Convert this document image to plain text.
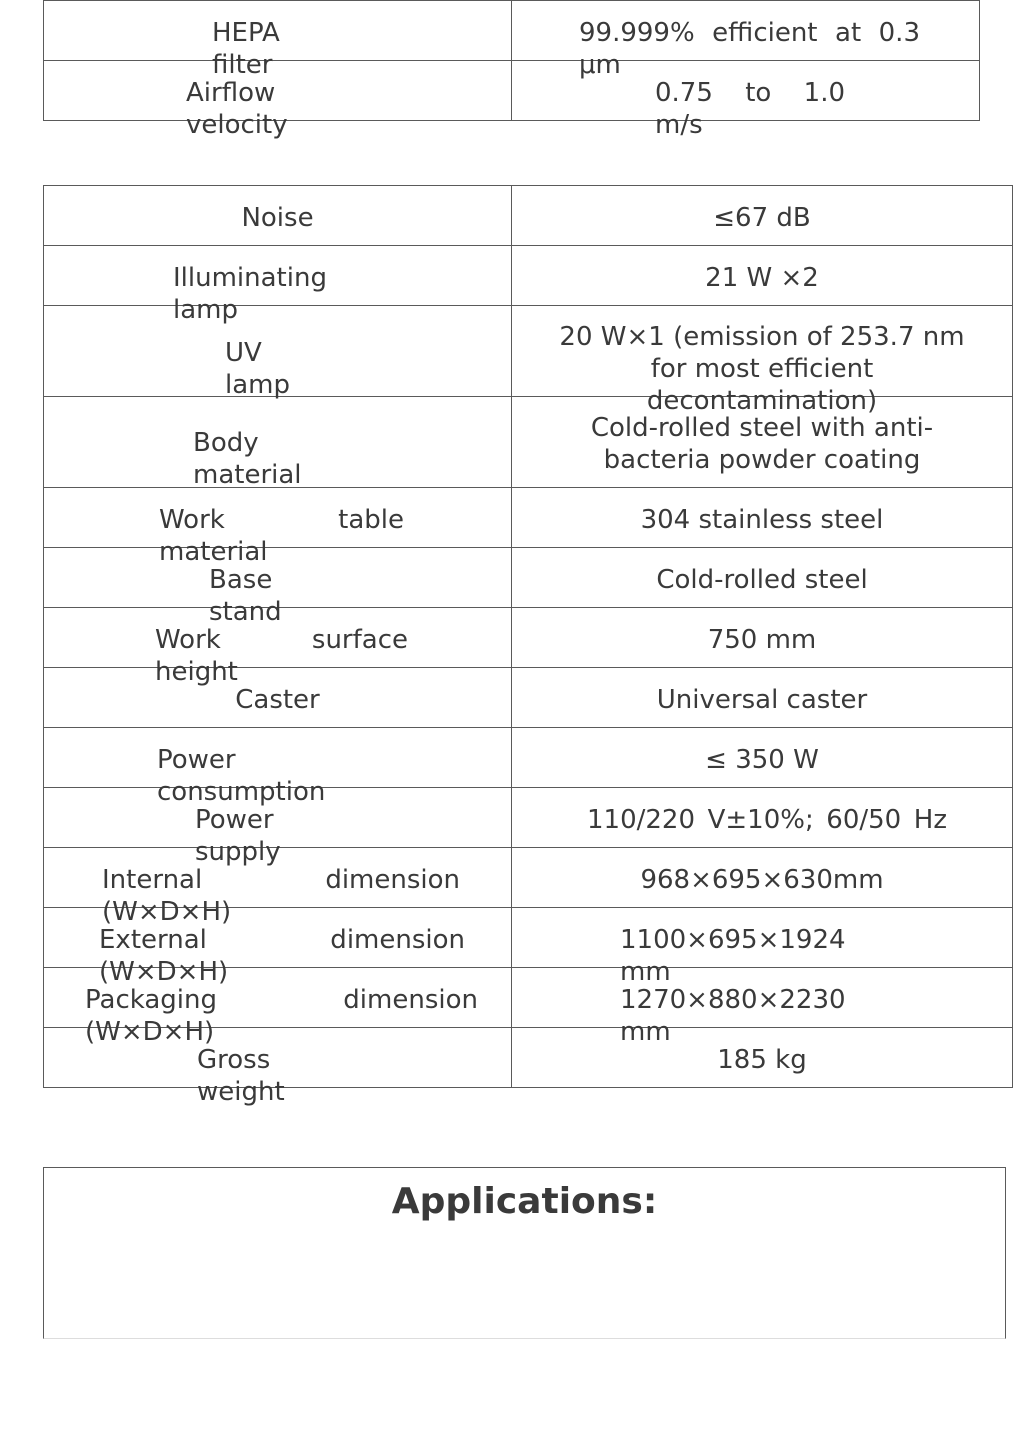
HEPA filter	99.999% efficient at 0.3 μm

Airflow velocity	0.75 to 1.0 m/s
Noise	≤67 dB

Illuminating lamp	21 W ×2

UV lamp	20 W×1 (emission of 253.7 nm for most efficient decontamination)

Body material	Cold-rolled steel with anti-bacteria powder coating

Work table material	304 stainless steel

Base stand	Cold-rolled steel

Work surface height	750 mm

Caster	Universal caster

Power consumption	≤ 350 W

Power supply	110/220 V±10%; 60/50 Hz

Internal dimension (W×D×H)	968×695×630mm

External dimension (W×D×H)	1100×695×1924 mm

Packaging dimension (W×D×H)	1270×880×2230 mm

Gross weight	185 kg
Applications:
